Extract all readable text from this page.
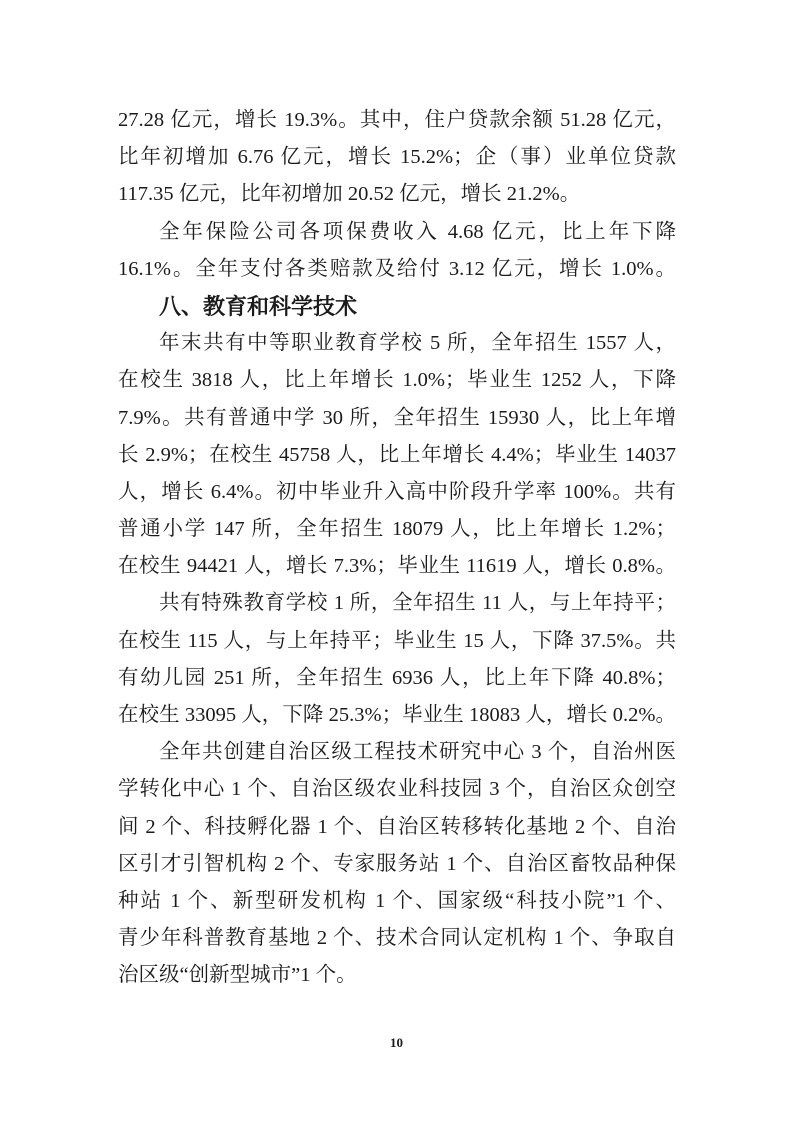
27.28 亿元，增长 19.3%。其中，住户贷款余额 51.28 亿元，
比年初增加 6.76 亿元，增长 15.2%；企（事）业单位贷款
117.35 亿元，比年初增加 20.52 亿元，增长 21.2%。
全年保险公司各项保费收入 4.68 亿元，比上年下降
16.1%。全年支付各类赔款及给付 3.12 亿元，增长 1.0%。
八、教育和科学技术
年末共有中等职业教育学校 5 所，全年招生 1557 人，
在校生 3818 人，比上年增长 1.0%；毕业生 1252 人，下降
7.9%。共有普通中学 30 所，全年招生 15930 人，比上年增
长 2.9%；在校生 45758 人，比上年增长 4.4%；毕业生 14037
人，增长 6.4%。初中毕业升入高中阶段升学率 100%。共有
普通小学 147 所，全年招生 18079 人，比上年增长 1.2%；
在校生 94421 人，增长 7.3%；毕业生 11619 人，增长 0.8%。
共有特殊教育学校 1 所，全年招生 11 人，与上年持平；
在校生 115 人，与上年持平；毕业生 15 人，下降 37.5%。共
有幼儿园 251 所，全年招生 6936 人，比上年下降 40.8%；
在校生 33095 人，下降 25.3%；毕业生 18083 人，增长 0.2%。
全年共创建自治区级工程技术研究中心 3 个，自治州医
学转化中心 1 个、自治区级农业科技园 3 个，自治区众创空
间 2 个、科技孵化器 1 个、自治区转移转化基地 2 个、自治
区引才引智机构 2 个、专家服务站 1 个、自治区畜牧品种保
种站 1 个、新型研发机构 1 个、国家级“科技小院”1 个、
青少年科普教育基地 2 个、技术合同认定机构 1 个、争取自
治区级“创新型城市”1 个。
10
